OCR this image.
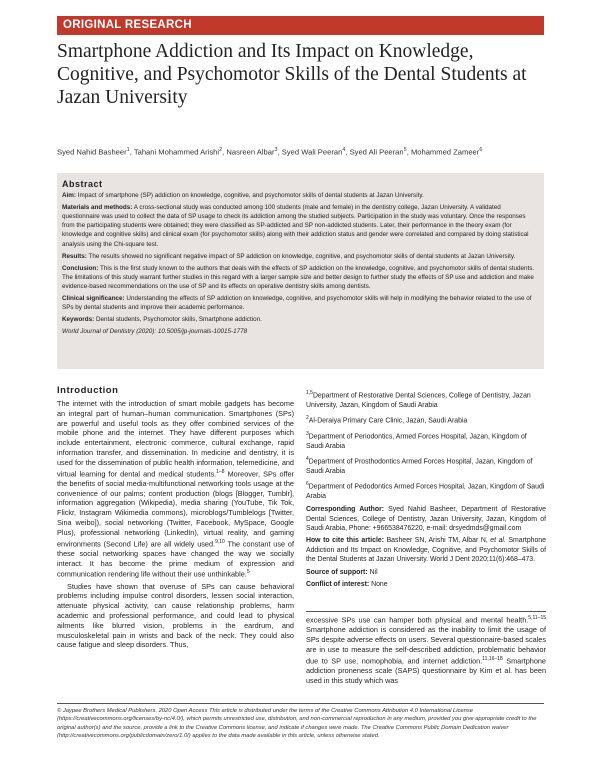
ORIGINAL RESEARCH
Smartphone Addiction and Its Impact on Knowledge, Cognitive, and Psychomotor Skills of the Dental Students at Jazan University
Syed Nahid Basheer$^1$, Tahani Mohammed Arishi$^2$, Nasreen Albar$^3$, Syed Wali Peeran$^4$, Syed Ali Peeran$^5$, Mohammed Zameer$^6$
Abstract

Aim: Impact of smartphone (SP) addiction on knowledge, cognitive, and psychomotor skills of dental students at Jazan University.

Materials and methods: A cross-sectional study was conducted among 100 students (male and female) in the dentistry college, Jazan University. A validated questionnaire was used to collect the data of SP usage to check its addiction among the studied subjects. Participation in the study was voluntary. Once the responses from the participating students were obtained; they were classified as SP-addicted and SP non-addicted students. Later, their performance in the theory exam (for knowledge and cognitive skills) and clinical exam (for psychomotor skills) along with their addiction status and gender were correlated and compared by doing statistical analysis using the Chi-square test.

Results: The results showed no significant negative impact of SP addiction on knowledge, cognitive, and psychomotor skills of dental students at Jazan University.

Conclusion: This is the first study known to the authors that deals with the effects of SP addiction on the knowledge, cognitive, and psychomotor skills of dental students. The limitations of this study warrant further studies in this regard with a larger sample size and better design to further study the effects of SP use and addiction and make evidence-based recommendations on the use of SP and its effects on operative dentistry skills among dentists.

Clinical significance: Understanding the effects of SP addiction on knowledge, cognitive, and psychomotor skills will help in modifying the behavior related to the use of SPs by dental students and improve their academic performance.

Keywords: Dental students, Psychomotor skills, Smartphone addiction.

World Journal of Dentistry (2020): 10.5005/jp-journals-10015-1778

Introduction

The internet with the introduction of smart mobile gadgets has become an integral part of human–human communication. Smartphones (SPs) are powerful and useful tools as they offer combined services of the mobile phone and the internet. They have different purposes which include entertainment, electronic commerce, cultural exchange, rapid information transfer, and dissemination. In medicine and dentistry, it is used for the dissemination of public health information, telemedicine, and virtual learning for dental and medical students.$^{1-8}$ Moreover, SPs offer the benefits of social media-multifunctional networking tools usage at the convenience of our palms; content production (blogs [Blogger, Tumblr], information aggregation (Wikipedia), media sharing (YouTube, Tik Tok, Flickr, Instagram Wikimedia commons), microblogs/Tumblelogs [Twitter, Sina weibo]), social networking (Twitter, Facebook, MySpace, Google Plus), professional networking (LinkedIn), virtual reality, and gaming environments (Second Life) are all widely used.$^{9,10}$ The constant use of these social networking spaces have changed the way we socially interact. It has become the prime medium of expression and communication rendering life without their use unthinkable.$^5$

Studies have shown that overuse of SPs can cause behavioral problems including impulse control disorders, lessen social interaction, attenuate physical activity, can cause relationship problems, harm academic and professional performance, and could lead to physical ailments like blurred vision, problems in the eardrum, and musculoskeletal pain in wrists and back of the neck. They could also cause fatigue and sleep disorders. Thus,

$^{1,5}$Department of Restorative Dental Sciences, College of Dentistry, Jazan University, Jazan, Kingdom of Saudi Arabia

$^2$Al-Deraiya Primary Care Clinic, Jazan, Saudi Arabia

$^3$Department of Periodontics, Armed Forces Hospital, Jazan, Kingdom of Saudi Arabia

$^4$Department of Prosthodontics Armed Forces Hospital, Jazan, Kingdom of Saudi Arabia

$^6$Department of Pedodontics Armed Forces Hospital, Jazan, Kingdom of Saudi Arabia

Corresponding Author: Syed Nahid Basheer, Department of Restorative Dental Sciences, College of Dentistry, Jazan University, Jazan, Kingdom of Saudi Arabia, Phone: +966538476220, e-mail: drsyedmds@gmail.com

How to cite this article: Basheer SN, Arishi TM, Albar N, et al. Smartphone Addiction and Its Impact on Knowledge, Cognitive, and Psychomotor Skills of the Dental Students at Jazan University. World J Dent 2020;11(6):468–473.

Source of support: Nil

Conflict of interest: None

excessive SPs use can hamper both physical and mental health.$^{5,11-15}$ Smartphone addiction is considered as the inability to limit the usage of SPs despite adverse effects on users. Several questionnaire-based scales are in use to measure the self-described addiction, problematic behavior due to SP use, nomophobia, and internet addiction.$^{11,16-18}$ Smartphone addiction proneness scale (SAPS) questionnaire by Kim et al. has been used in this study which was
© Jaypee Brothers Medical Publishers. 2020 Open Access This article is distributed under the terms of the Creative Commons Attribution 4.0 International License (https://creativecommons.org/licenses/by-nc/4.0/), which permits unrestricted use, distribution, and non-commercial reproduction in any medium, provided you give appropriate credit to the original author(s) and the source, provide a link to the Creative Commons license, and indicate if changes were made. The Creative Commons Public Domain Dedication waiver (http://creativecommons.org/publicdomain/zero/1.0/) applies to the data made available in this article, unless otherwise stated.
